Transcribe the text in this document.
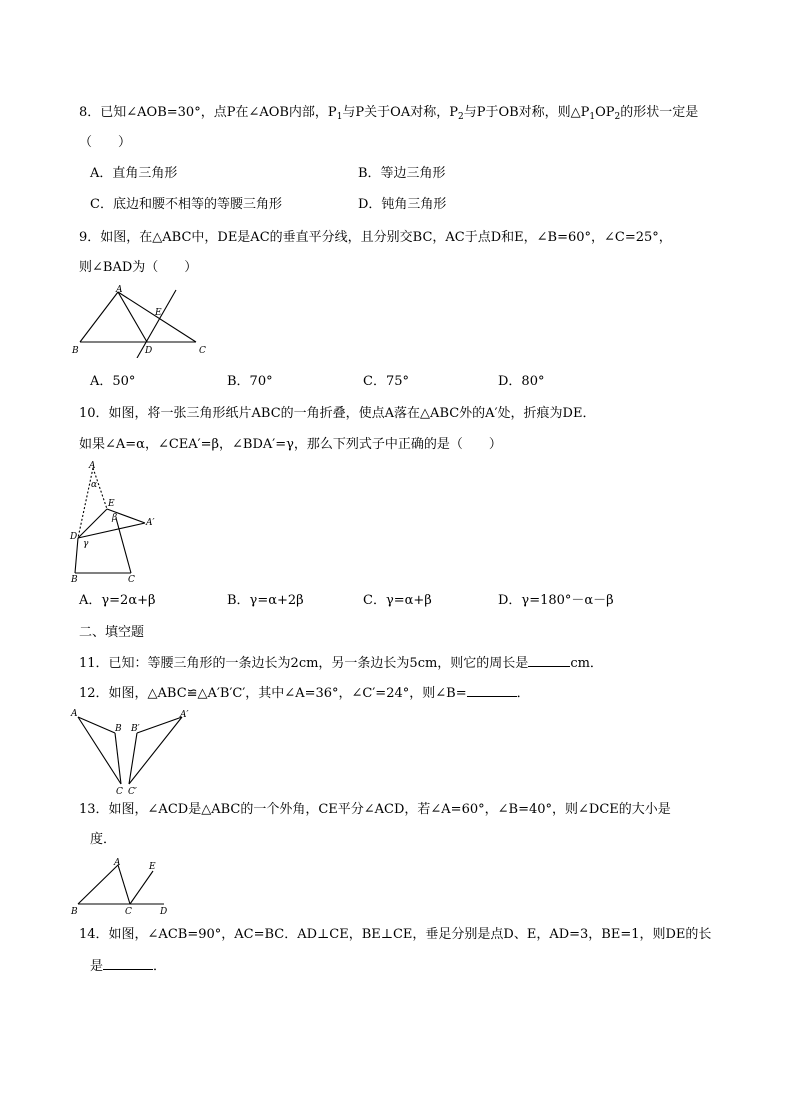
8．已知∠AOB=30°，点P在∠AOB内部，$P_1$与P关于OA对称，$P_2$与P于OB对称，则$\triangle P_1OP_2$的形状一定是
（　　）
A．直角三角形	B．等边三角形
C．底边和腰不相等的等腰三角形	D．钝角三角形
9．如图，在△ABC中，DE是AC的垂直平分线，且分别交BC，AC于点D和E，∠B=60°，∠C=25°，
则∠BAD为（　　）
A
E
B	D	C
A．50°	B．70°	C．75°	D．80°
10．如图，将一张三角形纸片ABC的一角折叠，使点A落在△ABC外的A′处，折痕为DE．
如果∠A=α，∠CEA′=β，∠BDA′=γ，那么下列式子中正确的是（　　）
A
α
E
β	A′
D
γ
B	C
A．γ=2α+β	B．γ=α+2β	C．γ=α+β	D．γ=180°－α－β
二、填空题
11．已知：等腰三角形的一条边长为2cm，另一条边长为5cm，则它的周长是	cm．
12．如图，△ABC≌△A′B′C′，其中∠A=36°，∠C′=24°，则∠B=	．
A
B B′
A′
C C′
13．如图，∠ACD是△ABC的一个外角，CE平分∠ACD，若∠A=60°，∠B=40°，则∠DCE的大小是
度．
A	E
B	C	D
14．如图，∠ACB=90°，AC=BC．AD⊥CE，BE⊥CE，垂足分别是点D、E，AD=3，BE=1，则DE的长
是	．
